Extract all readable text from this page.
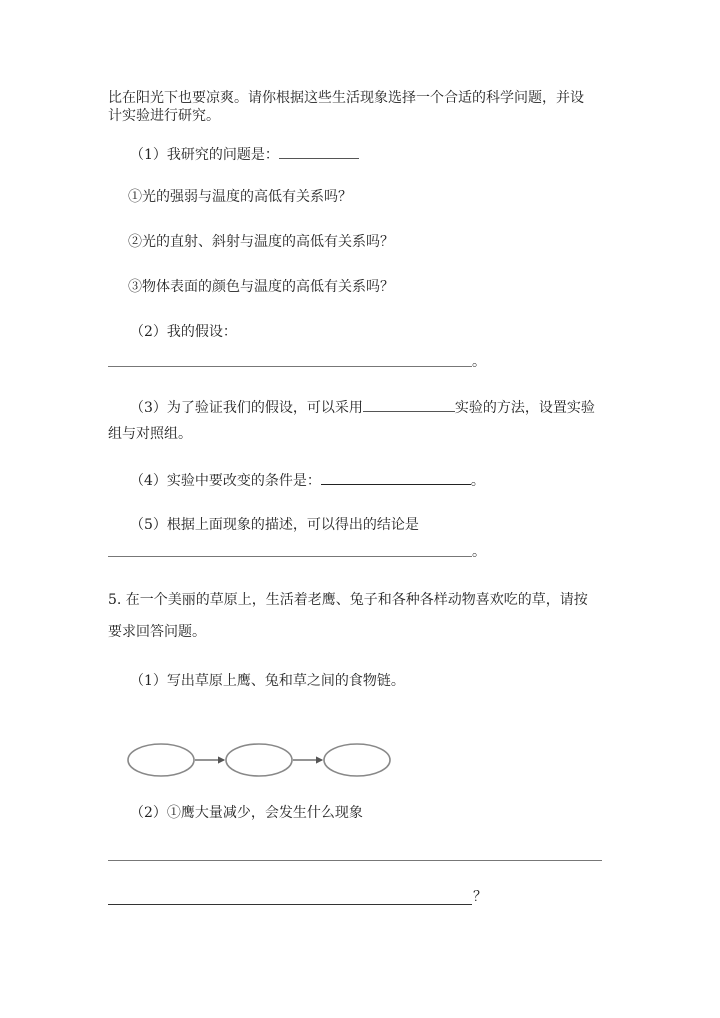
比在阳光下也要凉爽。请你根据这些生活现象选择一个合适的科学问题，并设
计实验进行研究。
（1）我研究的问题是：
①光的强弱与温度的高低有关系吗？
②光的直射、斜射与温度的高低有关系吗？
③物体表面的颜色与温度的高低有关系吗？
（2）我的假设：
。
（3）为了验证我们的假设，可以采用	实验的方法，设置实验
组与对照组。
（4）实验中要改变的条件是：	。
（5）根据上面现象的描述，可以得出的结论是
。
5. 在一个美丽的草原上，生活着老鹰、兔子和各种各样动物喜欢吃的草，请按
要求回答问题。
（1）写出草原上鹰、兔和草之间的食物链。
（2）①鹰大量减少，会发生什么现象
？
